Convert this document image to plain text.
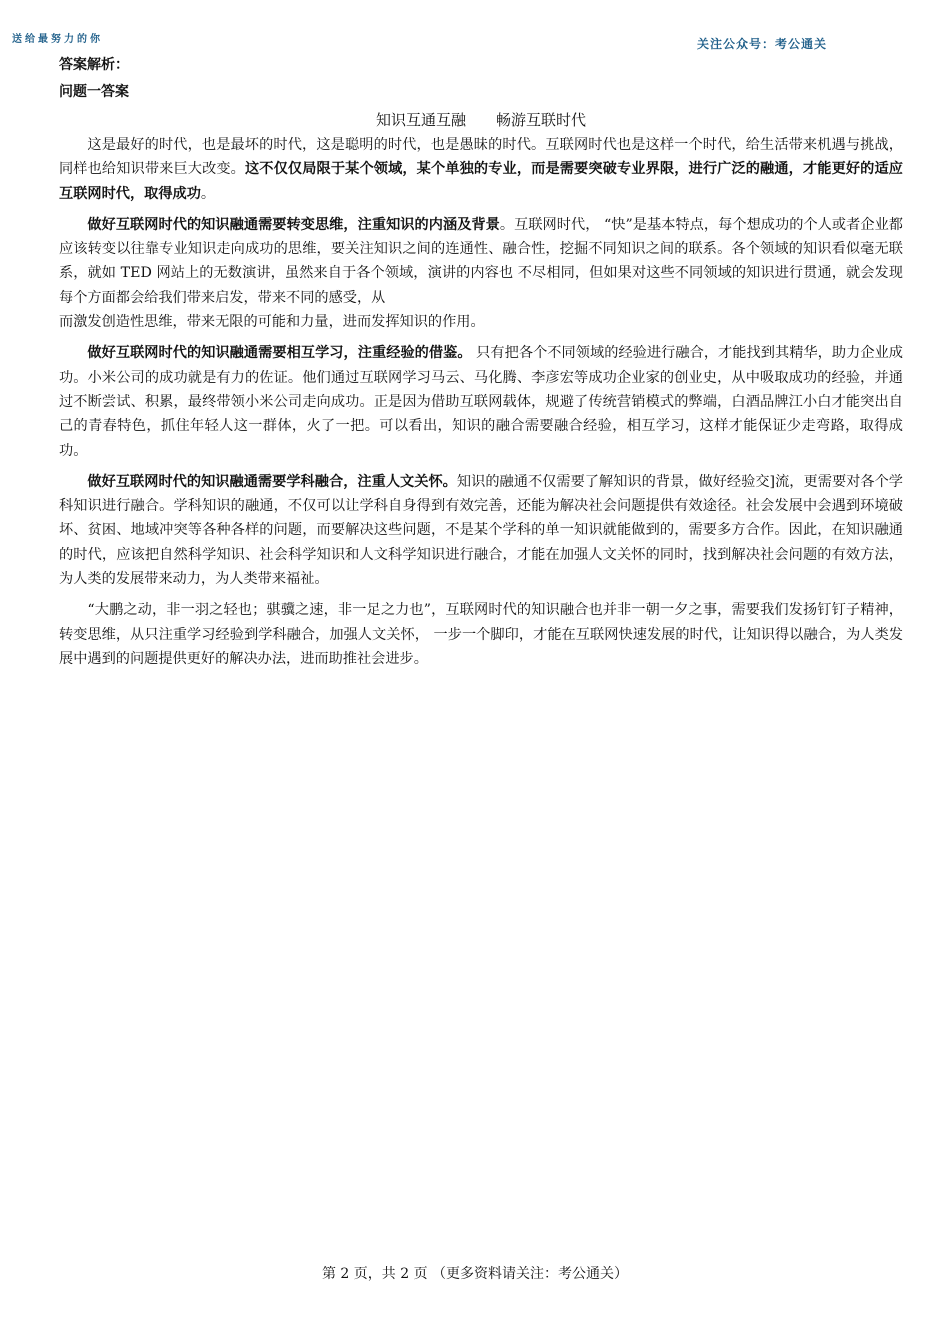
送给最努力的你	关注公众号：考公通关
答案解析：
问题一答案
知识互通互融 畅游互联时代

这是最好的时代，也是最坏的时代，这是聪明的时代，也是愚昧的时代。互联网时代也是这样一个时代，给生活带来机遇与挑战，同样也给知识带来巨大改变。这不仅仅局限于某个领域，某个单独的专业，而是需要突破专业界限，进行广泛的融通，才能更好的适应互联网时代，取得成功。

做好互联网时代的知识融通需要转变思维，注重知识的内涵及背景。互联网时代， “快”是基本特点，每个想成功的个人或者企业都应该转变以往靠专业知识走向成功的思维，要关注知识之间的连通性、融合性，挖掘不同知识之间的联系。各个领域的知识看似毫无联系，就如 TED 网站上的无数演讲，虽然来自于各个领域，演讲的内容也 不尽相同，但如果对这些不同领域的知识进行贯通，就会发现每个方面都会给我们带来启发，带来不同的感受，从

而激发创造性思维，带来无限的可能和力量，进而发挥知识的作用。

做好互联网时代的知识融通需要相互学习，注重经验的借鉴。 只有把各个不同领域的经验进行融合，才能找到其精华，助力企业成功。小米公司的成功就是有力的佐证。他们通过互联网学习马云、马化腾、李彦宏等成功企业家的创业史，从中吸取成功的经验，并通过不断尝试、积累，最终带领小米公司走向成功。正是因为借助互联网载体，规避了传统营销模式的弊端，白酒品牌江小白才能突出自己的青春特色，抓住年轻人这一群体，火了一把。可以看出，知识的融合需要融合经验，相互学习，这样才能保证少走弯路，取得成功。

做好互联网时代的知识融通需要学科融合，注重人文关怀。知识的融通不仅需要了解知识的背景，做好经验交]流，更需要对各个学科知识进行融合。学科知识的融通，不仅可以让学科自身得到有效完善，还能为解决社会问题提供有效途径。社会发展中会遇到环境破坏、贫困、地域冲突等各种各样的问题，而要解决这些问题，不是某个学科的单一知识就能做到的，需要多方合作。因此，在知识融通的时代，应该把自然科学知识、社会科学知识和人文科学知识进行融合，才能在加强人文关怀的同时，找到解决社会问题的有效方法，为人类的发展带来动力，为人类带来福祉。

“大鹏之动，非一羽之轻也；骐骥之速，非一足之力也”，互联网时代的知识融合也并非一朝一夕之事，需要我们发扬钉钉子精神，转变思维，从只注重学习经验到学科融合，加强人文关怀， 一步一个脚印，才能在互联网快速发展的时代，让知识得以融合，为人类发展中遇到的问题提供更好的解决办法，进而助推社会进步。

第 2 页，共 2 页 （更多资料请关注：考公通关）
